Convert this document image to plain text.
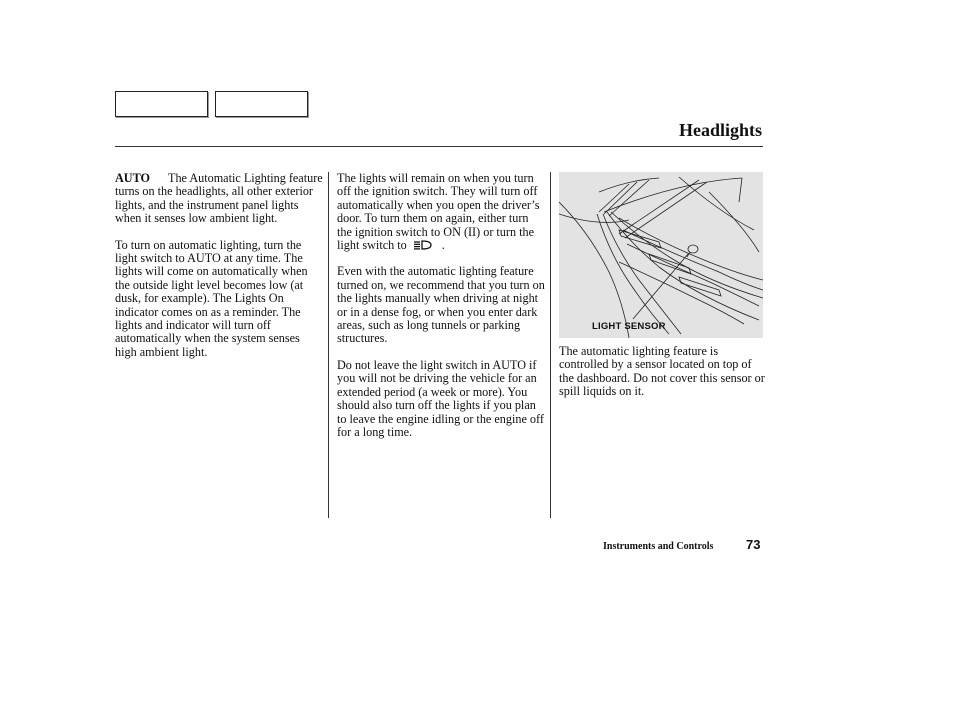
Headlights

AUTO The Automatic Lighting feature turns on the headlights, all other exterior lights, and the instrument panel lights when it senses low ambient light.

To turn on automatic lighting, turn the light switch to AUTO at any time. The lights will come on automatically when the outside light level becomes low (at dusk, for example). The Lights On indicator comes on as a reminder. The lights and indicator will turn off automatically when the system senses high ambient light.

The lights will remain on when you turn off the ignition switch. They will turn off automatically when you open the driver’s door. To turn them on again, either turn the ignition switch to ON (II) or turn the light switch to	.

Even with the automatic lighting feature turned on, we recommend that you turn on the lights manually when driving at night or in a dense fog, or when you enter dark areas, such as long tunnels or parking structures.

Do not leave the light switch in AUTO if you will not be driving the vehicle for an extended period (a week or more). You should also turn off the lights if you plan to leave the engine idling or the engine off for a long time.

LIGHT SENSOR

The automatic lighting feature is controlled by a sensor located on top of the dashboard. Do not cover this sensor or spill liquids on it.

Instruments and Controls	73
